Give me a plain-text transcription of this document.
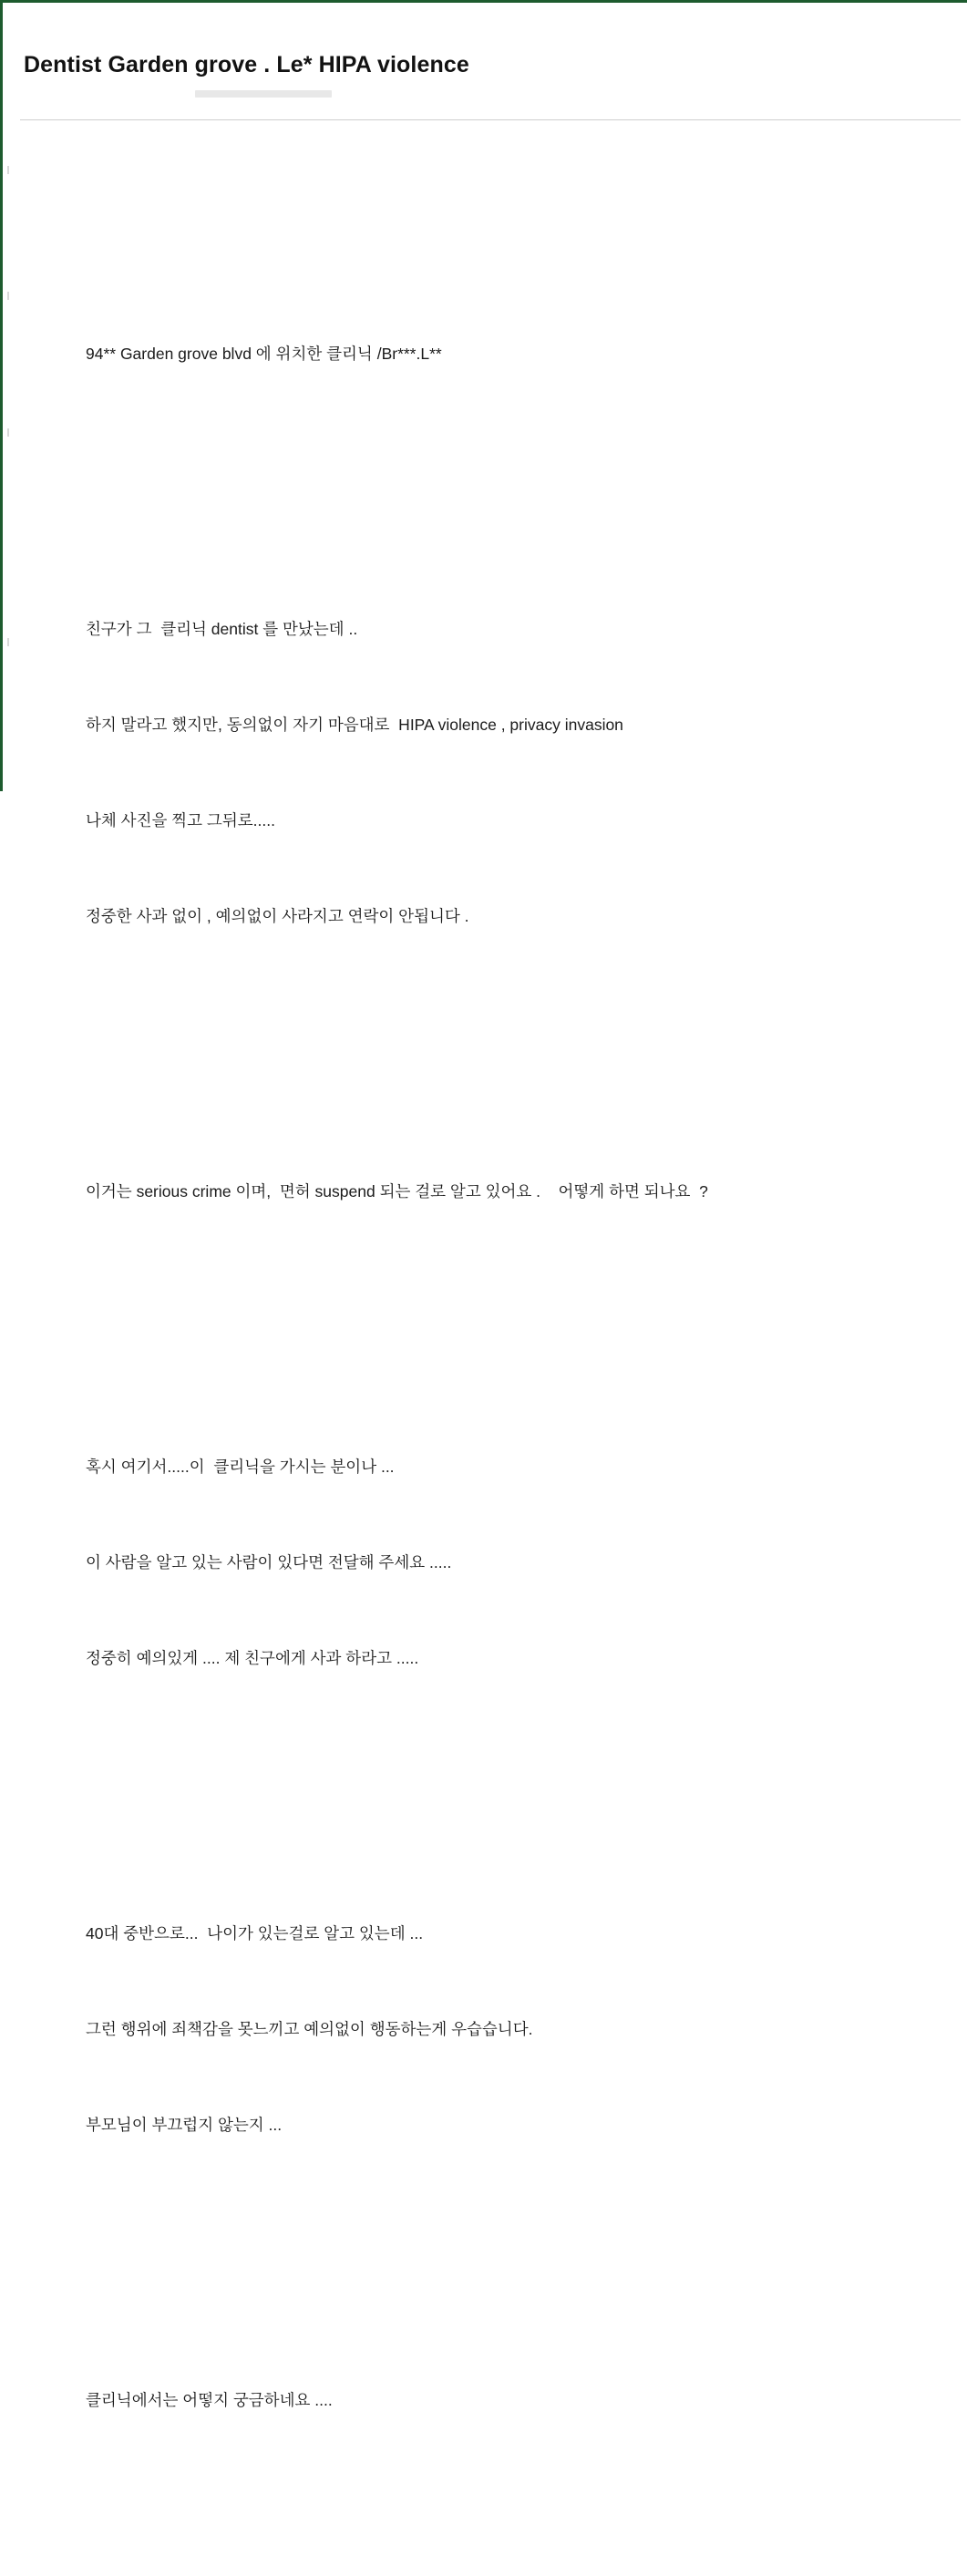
Dentist Garden grove . Le* HIPA violence

94** Garden grove blvd 에 위치한 클리닉 /Br***.L**

친구가 그  클리닉 dentist 를 만났는데 ..

하지 말라고 했지만, 동의없이 자기 마음대로  HIPA violence , privacy invasion

나체 사진을 찍고 그뒤로.....

정중한 사과 없이 , 예의없이 사라지고 연락이 안됩니다 .

이거는 serious crime 이며,  면허 suspend 되는 걸로 알고 있어요 .    어떻게 하면 되나요  ?

혹시 여기서.....이  클리닉을 가시는 분이나 ...

이 사람을 알고 있는 사람이 있다면 전달해 주세요 .....

정중히 예의있게 .... 제 친구에게 사과 하라고 .....

40대 중반으로...  나이가 있는걸로 알고 있는데 ...

그런 행위에 죄책감을 못느끼고 예의없이 행동하는게 우습습니다.

부모님이 부끄럽지 않는지 ...

클리닉에서는 어떻지 궁금하네요 ....
